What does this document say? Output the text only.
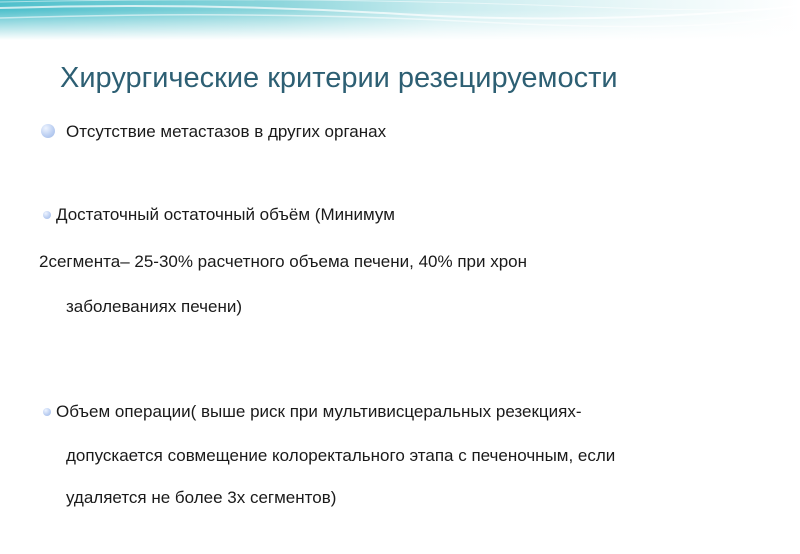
Хирургические критерии резецируемости

Отсутствие метастазов в других органах

Достаточный остаточный объём (Минимум

2сегмента– 25-30% расчетного объема печени, 40% при хрон

заболеваниях печени)

Объем операции( выше риск при мультивисцеральных резекциях-

допускается совмещение колоректального этапа с печеночным, если

удаляется не более 3х сегментов)
